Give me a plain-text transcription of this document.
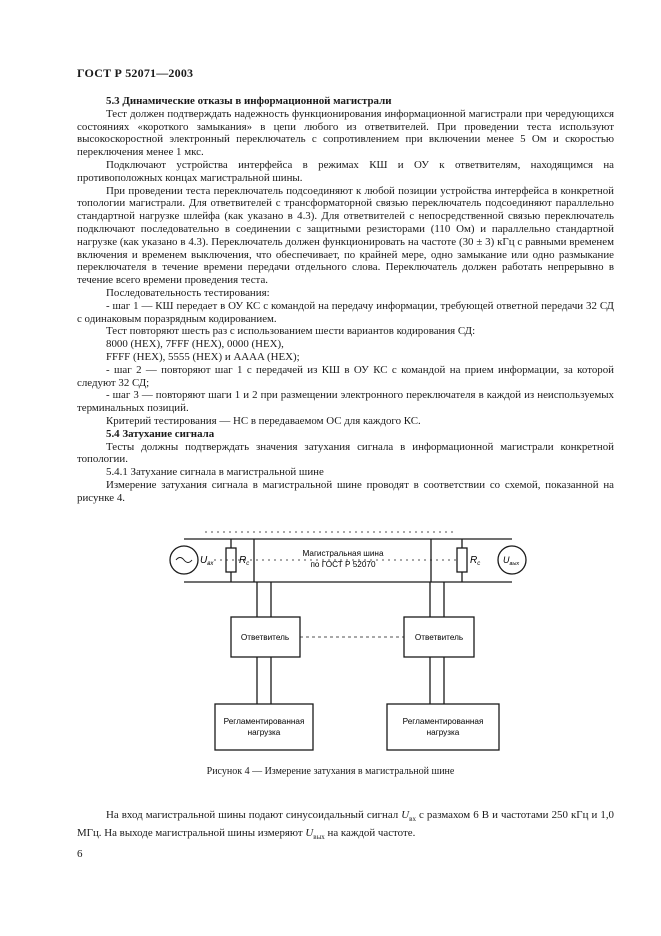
ГОСТ Р 52071—2003

5.3 Динамические отказы в информационной магистрали

Тест должен подтверждать надежность функционирования информационной магистрали при чередующихся состояниях «короткого замыкания» в цепи любого из ответвителей. При проведении теста используют высокоскоростной электронный переключатель с сопротивлением при включении менее 5 Ом и скоростью переключения менее 1 мкс.

Подключают устройства интерфейса в режимах КШ и ОУ к ответвителям, находящимся на противоположных концах магистральной шины.

При проведении теста переключатель подсоединяют к любой позиции устройства интерфейса в конкретной топологии магистрали. Для ответвителей с трансформаторной связью переключатель подсоединяют параллельно стандартной нагрузке шлейфа (как указано в 4.3). Для ответвителей с непосредственной связью переключатель подключают последовательно в соединении с защитными резисторами (110 Ом) и параллельно стандартной нагрузке (как указано в 4.3). Переключатель должен функционировать на частоте (30 ± 3) кГц с равными временем включения и временем выключения, что обеспечивает, по крайней мере, одно замыкание или одно размыкание переключателя в течение времени передачи отдельного слова. Переключатель должен работать непрерывно в течение всего времени проведения теста.

Последовательность тестирования:

- шаг 1 — КШ передает в ОУ КС с командой на передачу информации, требующей ответной передачи 32 СД с одинаковым поразрядным кодированием.

Тест повторяют шесть раз с использованием шести вариантов кодирования СД:

8000 (HEX), 7FFF (HEX), 0000 (HEX),

FFFF (HEX), 5555 (HEX) и AAAA (HEX);

- шаг 2 — повторяют шаг 1 с передачей из КШ в ОУ КС с командой на прием информации, за которой следуют 32 СД;

- шаг 3 — повторяют шаги 1 и 2 при размещении электронного переключателя в каждой из неиспользуемых терминальных позиций.

Критерий тестирования — НС в передаваемом ОС для каждого КС.

5.4 Затухание сигнала

Тесты должны подтверждать значения затухания сигнала в информационной магистрали конкретной топологии.

5.4.1 Затухание сигнала в магистральной шине

Измерение затухания сигнала в магистральной шине проводят в соответствии со схемой, показанной на рисунке 4.

Магистральная шина
по ГОСТ Р 52070
Ответвитель	Ответвитель
Регламентированная
нагрузка
Регламентированная
нагрузка
$U_{вх}$	$R_c$	$R_c$	$U_{вых}$
Рисунок 4 — Измерение затухания в магистральной шине

На вход магистральной шины подают синусоидальный сигнал $U_{вх}$ с размахом 6 В и частотами 250 кГц и 1,0 МГц. На выходе магистральной шины измеряют $U_{вых}$ на каждой частоте.

6
